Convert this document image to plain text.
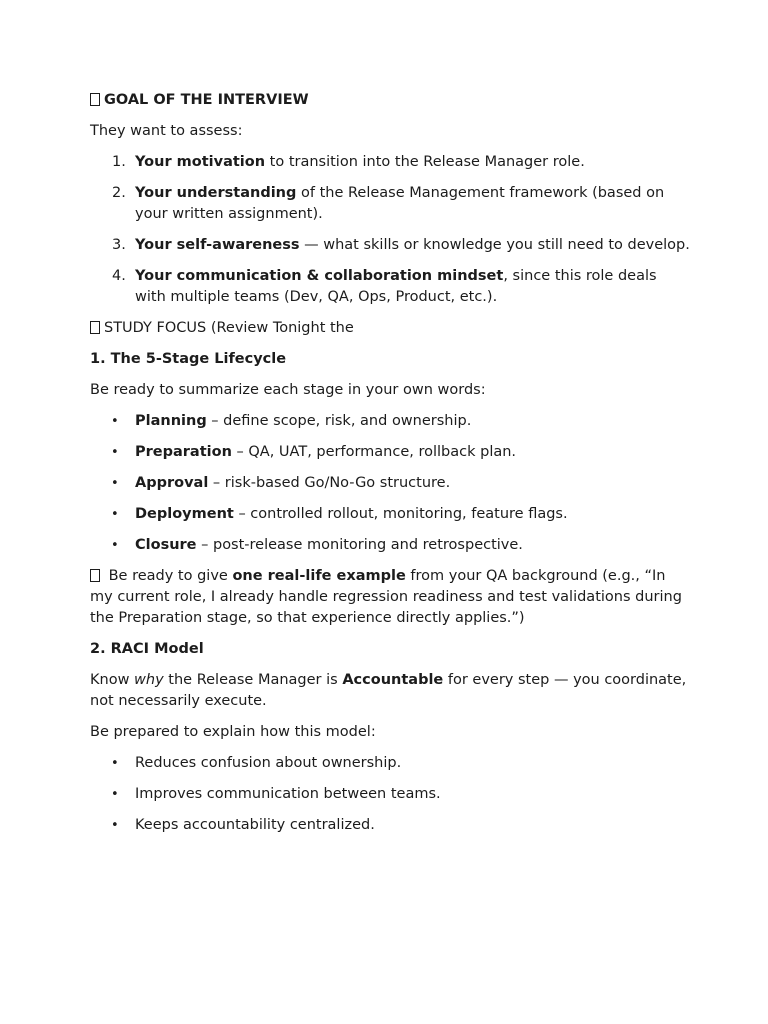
GOAL OF THE INTERVIEW

They want to assess:

1. Your motivation to transition into the Release Manager role.
2. Your understanding of the Release Management framework (based on your written assignment).
3. Your self-awareness — what skills or knowledge you still need to develop.
4. Your communication & collaboration mindset, since this role deals with multiple teams (Dev, QA, Ops, Product, etc.).

STUDY FOCUS (Review Tonight the

1. The 5-Stage Lifecycle

Be ready to summarize each stage in your own words:

• Planning – define scope, risk, and ownership.
• Preparation – QA, UAT, performance, rollback plan.
• Approval – risk-based Go/No-Go structure.
• Deployment – controlled rollout, monitoring, feature flags.
• Closure – post-release monitoring and retrospective.

Be ready to give one real-life example from your QA background (e.g., “In my current role, I already handle regression readiness and test validations during the Preparation stage, so that experience directly applies.”)

2. RACI Model

Know why the Release Manager is Accountable for every step — you coordinate, not necessarily execute.

Be prepared to explain how this model:

• Reduces confusion about ownership.
• Improves communication between teams.
• Keeps accountability centralized.
